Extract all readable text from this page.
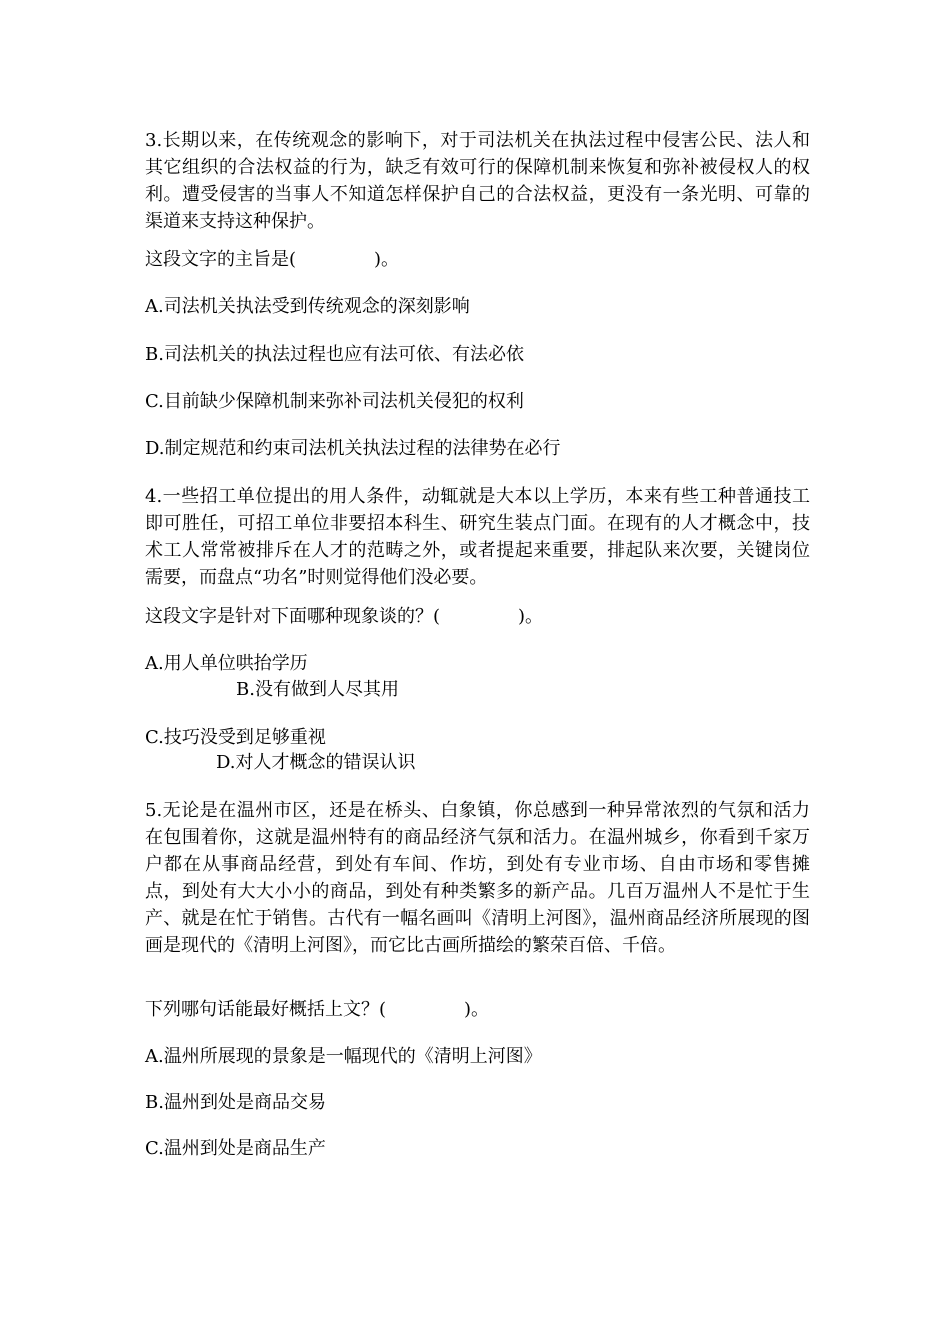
3.长期以来，在传统观念的影响下，对于司法机关在执法过程中侵害公民、法人和其它组织的合法权益的行为，缺乏有效可行的保障机制来恢复和弥补被侵权人的权利。遭受侵害的当事人不知道怎样保护自己的合法权益，更没有一条光明、可靠的渠道来支持这种保护。

这段文字的主旨是(	)。

A.司法机关执法受到传统观念的深刻影响

B.司法机关的执法过程也应有法可依、有法必依

C.目前缺少保障机制来弥补司法机关侵犯的权利

D.制定规范和约束司法机关执法过程的法律势在必行

4.一些招工单位提出的用人条件，动辄就是大本以上学历，本来有些工种普通技工即可胜任，可招工单位非要招本科生、研究生装点门面。在现有的人才概念中，技术工人常常被排斥在人才的范畴之外，或者提起来重要，排起队来次要，关键岗位需要，而盘点“功名”时则觉得他们没必要。

这段文字是针对下面哪种现象谈的？(	)。

A.用人单位哄抬学历

B.没有做到人尽其用

C.技巧没受到足够重视

D.对人才概念的错误认识

5.无论是在温州市区，还是在桥头、白象镇，你总感到一种异常浓烈的气氛和活力在包围着你，这就是温州特有的商品经济气氛和活力。在温州城乡，你看到千家万户都在从事商品经营，到处有车间、作坊，到处有专业市场、自由市场和零售摊点，到处有大大小小的商品，到处有种类繁多的新产品。几百万温州人不是忙于生产、就是在忙于销售。古代有一幅名画叫《清明上河图》，温州商品经济所展现的图画是现代的《清明上河图》，而它比古画所描绘的繁荣百倍、千倍。

下列哪句话能最好概括上文？(	)。

A.温州所展现的景象是一幅现代的《清明上河图》

B.温州到处是商品交易

C.温州到处是商品生产
